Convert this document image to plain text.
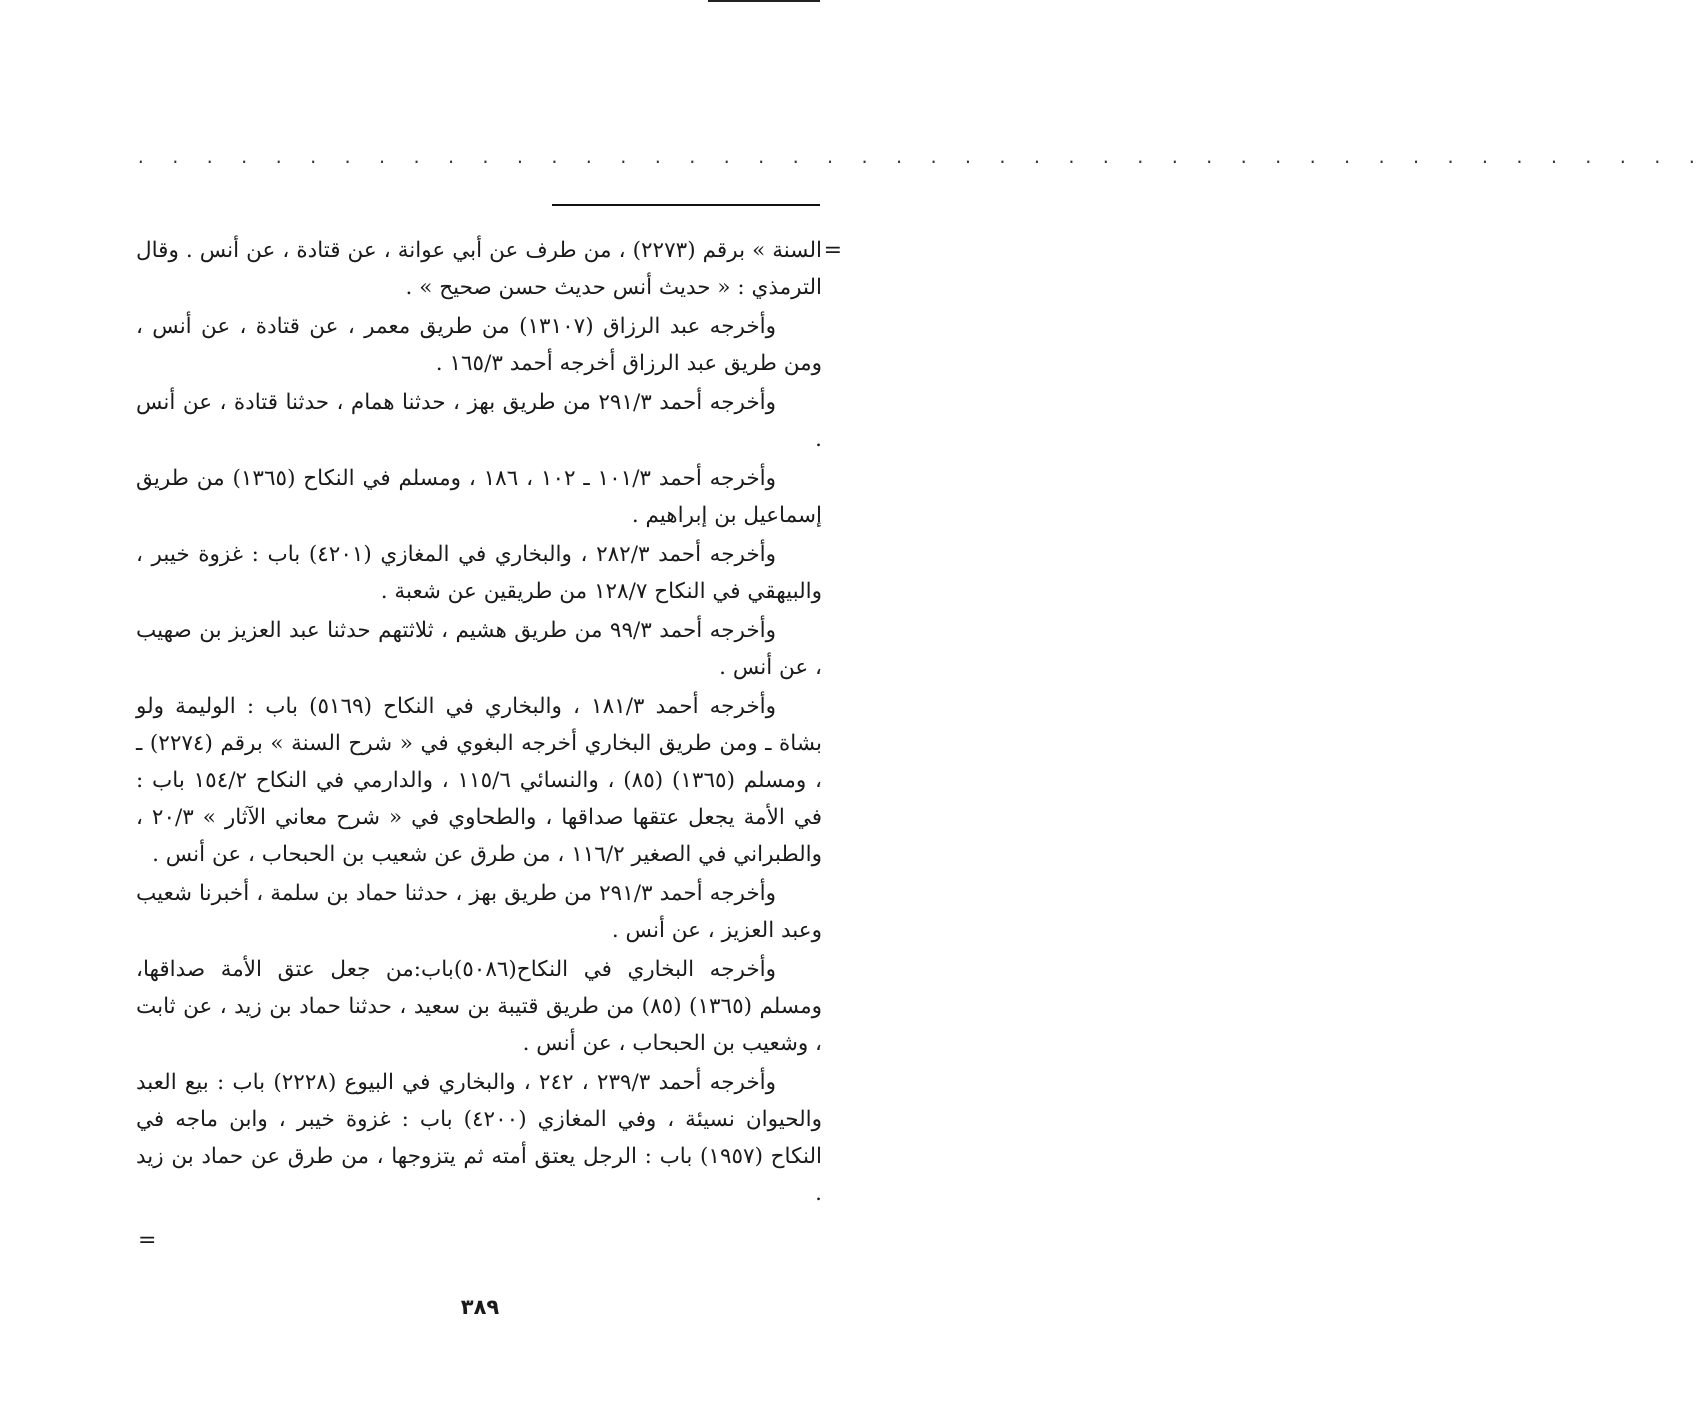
. . . . . . . . . . . . . . . . . . . . . . . . . . . . . . . . . . . . . . . . . . . . . .
=

السنة » برقم (٢٢٧٣) ، من طرف عن أبي عوانة ، عن قتادة ، عن أنس . وقال الترمذي : « حديث أنس حديث حسن صحيح » .

وأخرجه عبد الرزاق (١٣١٠٧) من طريق معمر ، عن قتادة ، عن أنس ، ومن طريق عبد الرزاق أخرجه أحمد ١٦٥/٣ .

وأخرجه أحمد ٢٩١/٣ من طريق بهز ، حدثنا همام ، حدثنا قتادة ، عن أنس .

وأخرجه أحمد ١٠١/٣ ـ ١٠٢ ، ١٨٦ ، ومسلم في النكاح (١٣٦٥) من طريق إسماعيل بن إبراهيم .

وأخرجه أحمد ٢٨٢/٣ ، والبخاري في المغازي (٤٢٠١) باب : غزوة خيبر ، والبيهقي في النكاح ١٢٨/٧ من طريقين عن شعبة .

وأخرجه أحمد ٩٩/٣ من طريق هشيم ، ثلاثتهم حدثنا عبد العزيز بن صهيب ، عن أنس .

وأخرجه أحمد ١٨١/٣ ، والبخاري في النكاح (٥١٦٩) باب : الوليمة ولو بشاة ـ ومن طريق البخاري أخرجه البغوي في « شرح السنة » برقم (٢٢٧٤) ـ ، ومسلم (١٣٦٥) (٨٥) ، والنسائي ١١٥/٦ ، والدارمي في النكاح ١٥٤/٢ باب : في الأمة يجعل عتقها صداقها ، والطحاوي في « شرح معاني الآثار » ٢٠/٣ ، والطبراني في الصغير ١١٦/٢ ، من طرق عن شعيب بن الحبحاب ، عن أنس .

وأخرجه أحمد ٢٩١/٣ من طريق بهز ، حدثنا حماد بن سلمة ، أخبرنا شعيب وعبد العزيز ، عن أنس .

وأخرجه البخاري في النكاح(٥٠٨٦)باب:من جعل عتق الأمة صداقها، ومسلم (١٣٦٥) (٨٥) من طريق قتيبة بن سعيد ، حدثنا حماد بن زيد ، عن ثابت ، وشعيب بن الحبحاب ، عن أنس .

وأخرجه أحمد ٢٣٩/٣ ، ٢٤٢ ، والبخاري في البيوع (٢٢٢٨) باب : بيع العبد والحيوان نسيئة ، وفي المغازي (٤٢٠٠) باب : غزوة خيبر ، وابن ماجه في النكاح (١٩٥٧) باب : الرجل يعتق أمته ثم يتزوجها ، من طرق عن حماد بن زيد .

=
٣٨٩
